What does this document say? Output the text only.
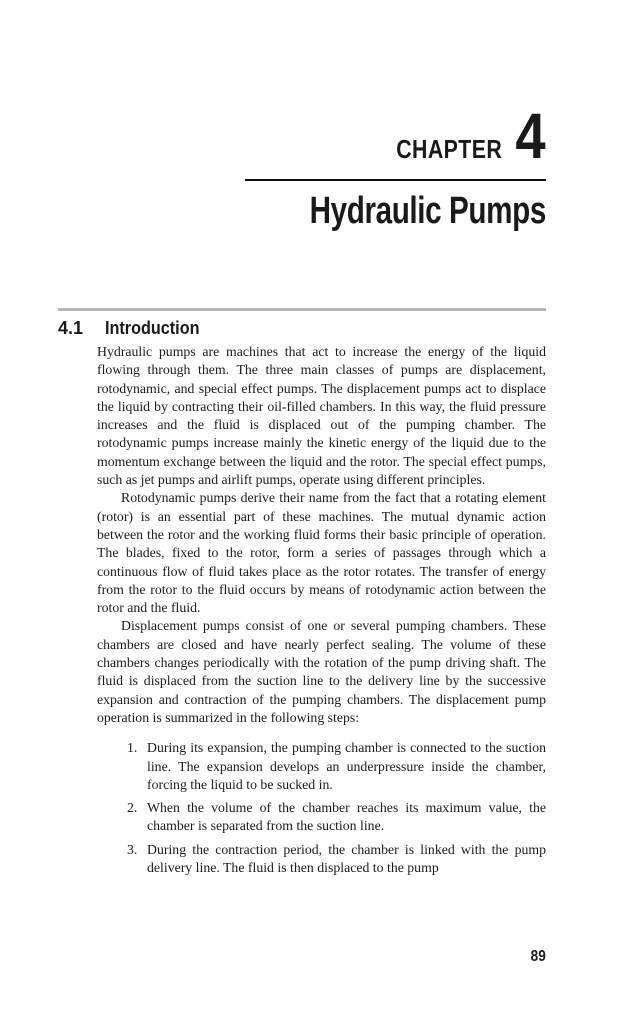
CHAPTER 4
Hydraulic Pumps
4.1 Introduction

Hydraulic pumps are machines that act to increase the energy of the liquid flowing through them. The three main classes of pumps are displacement, rotodynamic, and special effect pumps. The displacement pumps act to displace the liquid by contracting their oil-filled chambers. In this way, the fluid pressure increases and the fluid is displaced out of the pumping chamber. The rotodynamic pumps increase mainly the kinetic energy of the liquid due to the momentum exchange between the liquid and the rotor. The special effect pumps, such as jet pumps and airlift pumps, operate using different principles.

Rotodynamic pumps derive their name from the fact that a rotating element (rotor) is an essential part of these machines. The mutual dynamic action between the rotor and the working fluid forms their basic principle of operation. The blades, fixed to the rotor, form a series of passages through which a continuous flow of fluid takes place as the rotor rotates. The transfer of energy from the rotor to the fluid occurs by means of rotodynamic action between the rotor and the fluid.

Displacement pumps consist of one or several pumping chambers. These chambers are closed and have nearly perfect sealing. The volume of these chambers changes periodically with the rotation of the pump driving shaft. The fluid is displaced from the suction line to the delivery line by the successive expansion and contraction of the pumping chambers. The displacement pump operation is summarized in the following steps:

1. During its expansion, the pumping chamber is connected to the suction line. The expansion develops an underpressure inside the chamber, forcing the liquid to be sucked in.
2. When the volume of the chamber reaches its maximum value, the chamber is separated from the suction line.
3. During the contraction period, the chamber is linked with the pump delivery line. The fluid is then displaced to the pump
89
